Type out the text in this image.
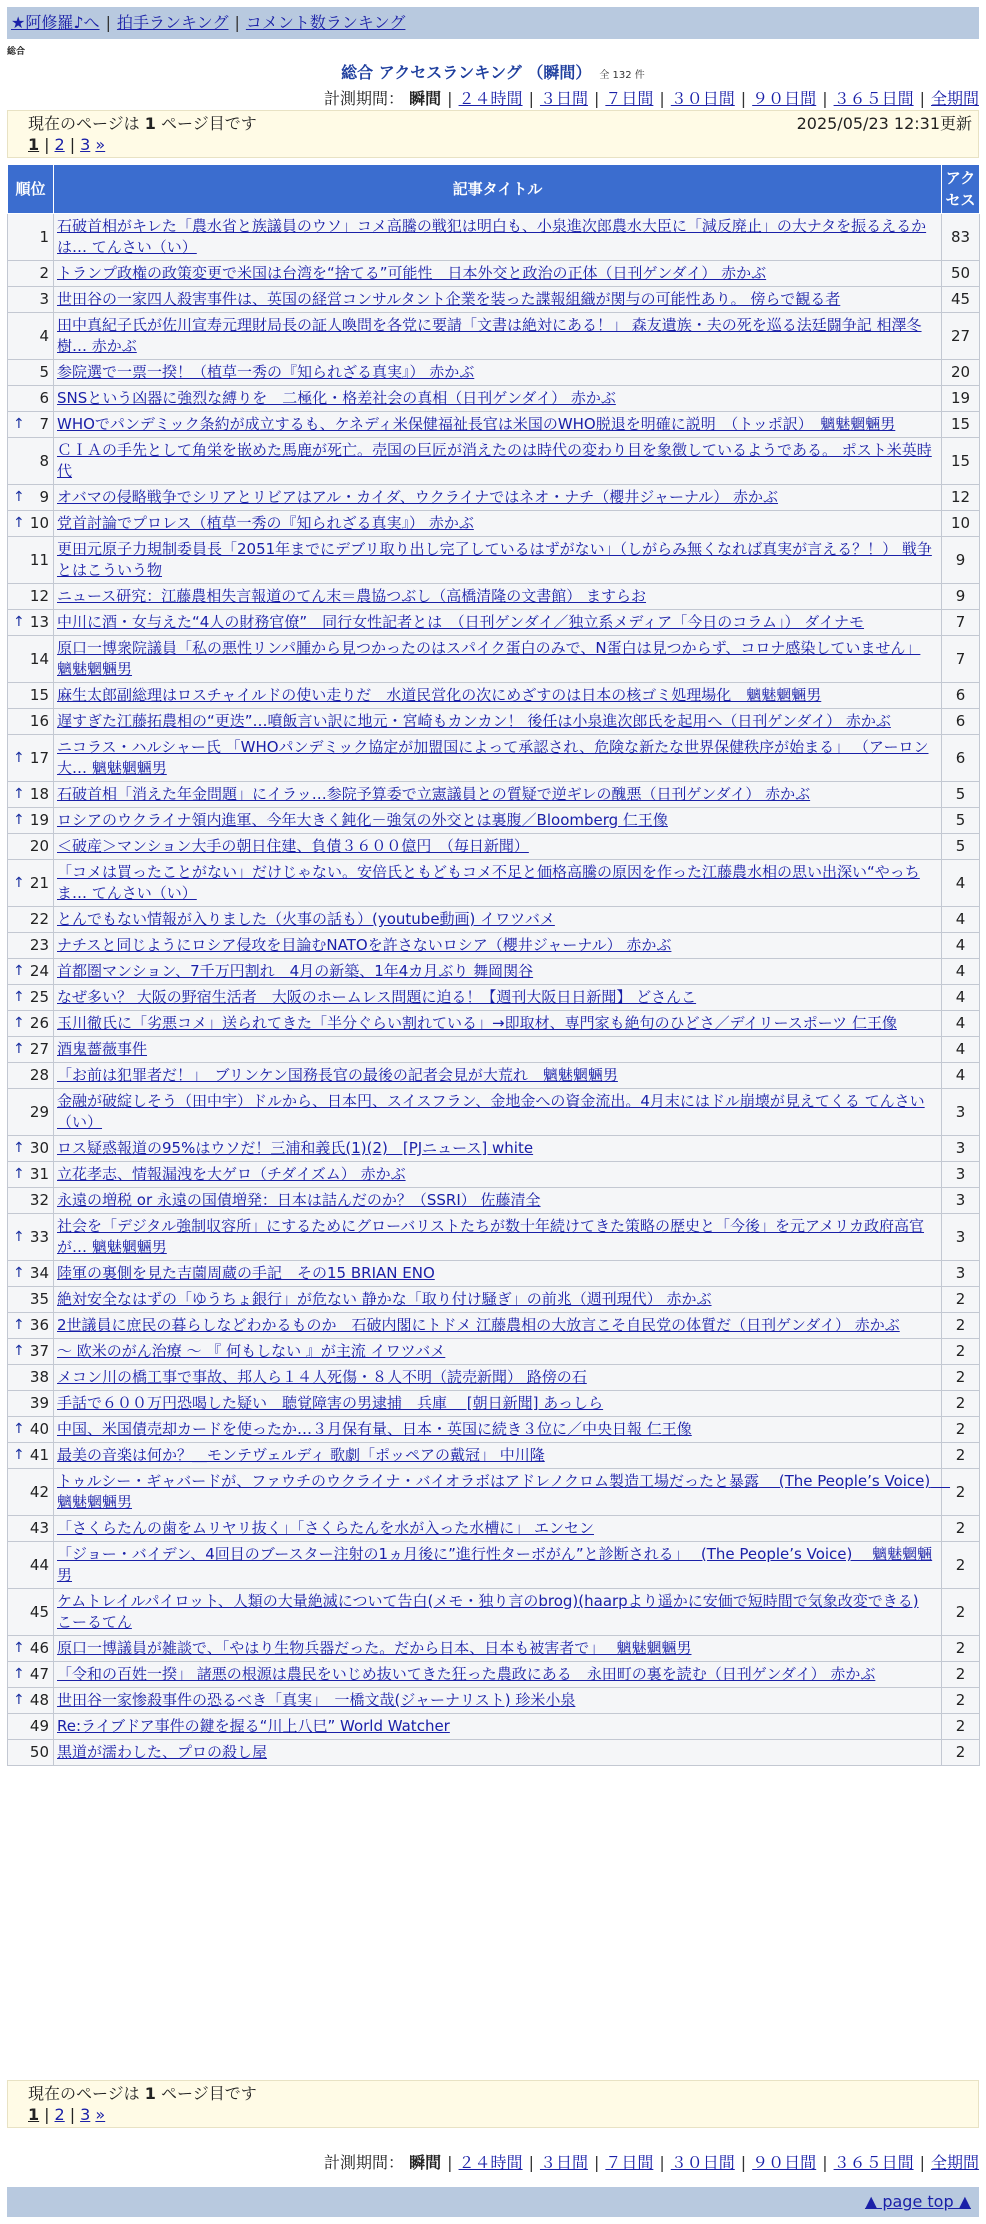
★阿修羅♪へ | 拍手ランキング | コメント数ランキング
総合
総合 アクセスランキング （瞬間） 全 132 件
計測期間： 瞬間 | ２４時間 | ３日間 | ７日間 | ３０日間 | ９０日間 | ３６５日間 | 全期間
現在のページは 1 ページ目です	2025/05/23 12:31更新
1 | 2 | 3 »
順位	記事タイトル	アクセス
1	石破首相がキレた「農水省と族議員のウソ」コメ高騰の戦犯は明白も、小泉進次郎農水大臣に「減反廃止」の大ナタを振るえるかは… てんさい（い）	83
2	トランプ政権の政策変更で米国は台湾を“捨てる”可能性　日本外交と政治の正体（日刊ゲンダイ） 赤かぶ	50
3	世田谷の一家四人殺害事件は、英国の経営コンサルタント企業を装った諜報組織が関与の可能性あり。 傍らで観る者	45
4	田中真紀子氏が佐川宣寿元理財局長の証人喚問を各党に要請「文書は絶対にある！」 森友遺族・夫の死を巡る法廷闘争記 相澤冬樹… 赤かぶ	27
5	参院選で一票一揆！（植草一秀の『知られざる真実』） 赤かぶ	20
6	SNSという凶器に強烈な縛りを　二極化・格差社会の真相（日刊ゲンダイ） 赤かぶ	19

↑ 7	WHOでパンデミック条約が成立するも、ケネディ米保健福祉長官は米国のWHO脱退を明確に説明　（トッポ訳）　魑魅魍魎男	15
8	ＣＩＡの手先として角栄を嵌めた馬鹿が死亡。売国の巨匠が消えたのは時代の変わり目を象徴しているようである。 ポスト米英時代	15

↑ 9	オバマの侵略戦争でシリアとリビアはアル・カイダ、ウクライナではネオ・ナチ（櫻井ジャーナル） 赤かぶ	12

↑ 10	党首討論でプロレス（植草一秀の『知られざる真実』） 赤かぶ	10
11	更田元原子力規制委員長「2051年までにデブリ取り出し完了しているはずがない」（しがらみ無くなれば真実が言える？！） 戦争とはこういう物	9
12	ニュース研究：江藤農相失言報道のてん末＝農協つぶし（高橋清隆の文書館） ますらお	9

↑ 13	中川に酒・女与えた“4人の財務官僚”　同行女性記者とは　（日刊ゲンダイ／独立系メディア「今日のコラム」） ダイナモ	7
14	原口一博衆院議員「私の悪性リンパ腫から見つかったのはスパイク蛋白のみで、N蛋白は見つからず、コロナ感染していません」 魑魅魍魎男	7
15	麻生太郎副総理はロスチャイルドの使い走りだ　水道民営化の次にめざすのは日本の核ゴミ処理場化　魑魅魍魎男	6
16	遅すぎた江藤拓農相の“更迭”…噴飯言い訳に地元・宮崎もカンカン！ 後任は小泉進次郎氏を起用へ（日刊ゲンダイ） 赤かぶ	6

↑ 17	ニコラス・ハルシャー氏 「WHOパンデミック協定が加盟国によって承認され、危険な新たな世界保健秩序が始まる」 （アーロン大… 魑魅魍魎男	6

↑ 18	石破首相「消えた年金問題」にイラッ…参院予算委で立憲議員との質疑で逆ギレの醜悪（日刊ゲンダイ） 赤かぶ	5

↑ 19	ロシアのウクライナ領内進軍、今年大きく鈍化－強気の外交とは裏腹／Bloomberg 仁王像	5
20	＜破産＞マンション大手の朝日住建、負債３６００億円　（毎日新聞）	5

↑ 21	「コメは買ったことがない」だけじゃない。安倍氏ともどもコメ不足と価格高騰の原因を作った江藤農水相の思い出深い“やっちま… てんさい（い）	4
22	とんでもない情報が入りました（火事の話も）(youtube動画) イワツバメ	4
23	ナチスと同じようにロシア侵攻を目論むNATOを許さないロシア（櫻井ジャーナル） 赤かぶ	4

↑ 24	首都圏マンション、7千万円割れ　4月の新築、1年4カ月ぶり 舞岡関谷	4

↑ 25	なぜ多い？ 大阪の野宿生活者　大阪のホームレス問題に迫る！【週刊大阪日日新聞】 どさんこ	4

↑ 26	玉川徹氏に「劣悪コメ」送られてきた「半分ぐらい割れている」→即取材、専門家も絶句のひどさ／デイリースポーツ 仁王像	4

↑ 27	酒鬼薔薇事件	4
28	「お前は犯罪者だ！」　ブリンケン国務長官の最後の記者会見が大荒れ　魑魅魍魎男	4
29	金融が破綻しそう（田中宇）ドルから、日本円、スイスフラン、金地金への資金流出。4月末にはドル崩壊が見えてくる てんさい（い）	3

↑ 30	ロス疑惑報道の95%はウソだ！三浦和義氏(1)(2)　[PJニュース] white	3

↑ 31	立花孝志、情報漏洩を大ゲロ（チダイズム） 赤かぶ	3
32	永遠の増税 or 永遠の国債増発：日本は詰んだのか？（SSRI） 佐藤清全	3

↑ 33	社会を「デジタル強制収容所」にするためにグローバリストたちが数十年続けてきた策略の歴史と「今後」を元アメリカ政府高官が… 魑魅魍魎男	3

↑ 34	陸軍の裏側を見た吉薗周蔵の手記　その15 BRIAN ENO	3
35	絶対安全なはずの「ゆうちょ銀行」が危ない 静かな「取り付け騒ぎ」の前兆（週刊現代） 赤かぶ	2

↑ 36	2世議員に庶民の暮らしなどわかるものか　石破内閣にトドメ 江藤農相の大放言こそ自民党の体質だ（日刊ゲンダイ） 赤かぶ	2

↑ 37	～ 欧米のがん治療 ～ 『 何もしない 』が主流 イワツバメ	2
38	メコン川の橋工事で事故、邦人ら１４人死傷・８人不明（読売新聞） 路傍の石	2
39	手話で６００万円恐喝した疑い　聴覚障害の男逮捕　兵庫　 [朝日新聞] あっしら	2

↑ 40	中国、米国債売却カードを使ったか…３月保有量、日本・英国に続き３位に／中央日報 仁王像	2

↑ 41	最美の音楽は何か？＿モンテヴェルディ 歌劇「ポッペアの戴冠」 中川隆	2
42	トゥルシー・ギャバードが、ファウチのウクライナ・バイオラボはアドレノクロム製造工場だったと暴露　 (The People’s Voice)　 魑魅魍魎男	2
43	「さくらたんの歯をムリヤリ抜く」「さくらたんを水が入った水槽に」 エンセン	2
44	「ジョー・バイデン、4回目のブースター注射の1ヵ月後に”進行性ターボがん”と診断される」　 (The People’s Voice)　 魑魅魍魎男	2
45	ケムトレイルパイロット、人類の大量絶滅について告白(メモ・独り言のbrog)(haarpより遥かに安価で短時間で気象改変できる) こーるてん	2

↑ 46	原口一博議員が雑談で、「やはり生物兵器だった。だから日本、日本も被害者で」　 魑魅魍魎男	2

↑ 47	「令和の百姓一揆」 諸悪の根源は農民をいじめ抜いてきた狂った農政にある　永田町の裏を読む（日刊ゲンダイ） 赤かぶ	2

↑ 48	世田谷一家惨殺事件の恐るべき「真実」　一橋文哉(ジャーナリスト) 珍米小泉	2
49	Re:ライブドア事件の鍵を握る“川上八巳” World Watcher	2
50	黒道が濡わした、プロの殺し屋	2
現在のページは 1 ページ目です
1 | 2 | 3 »
計測期間： 瞬間 | ２４時間 | ３日間 | ７日間 | ３０日間 | ９０日間 | ３６５日間 | 全期間
▲ page top ▲
